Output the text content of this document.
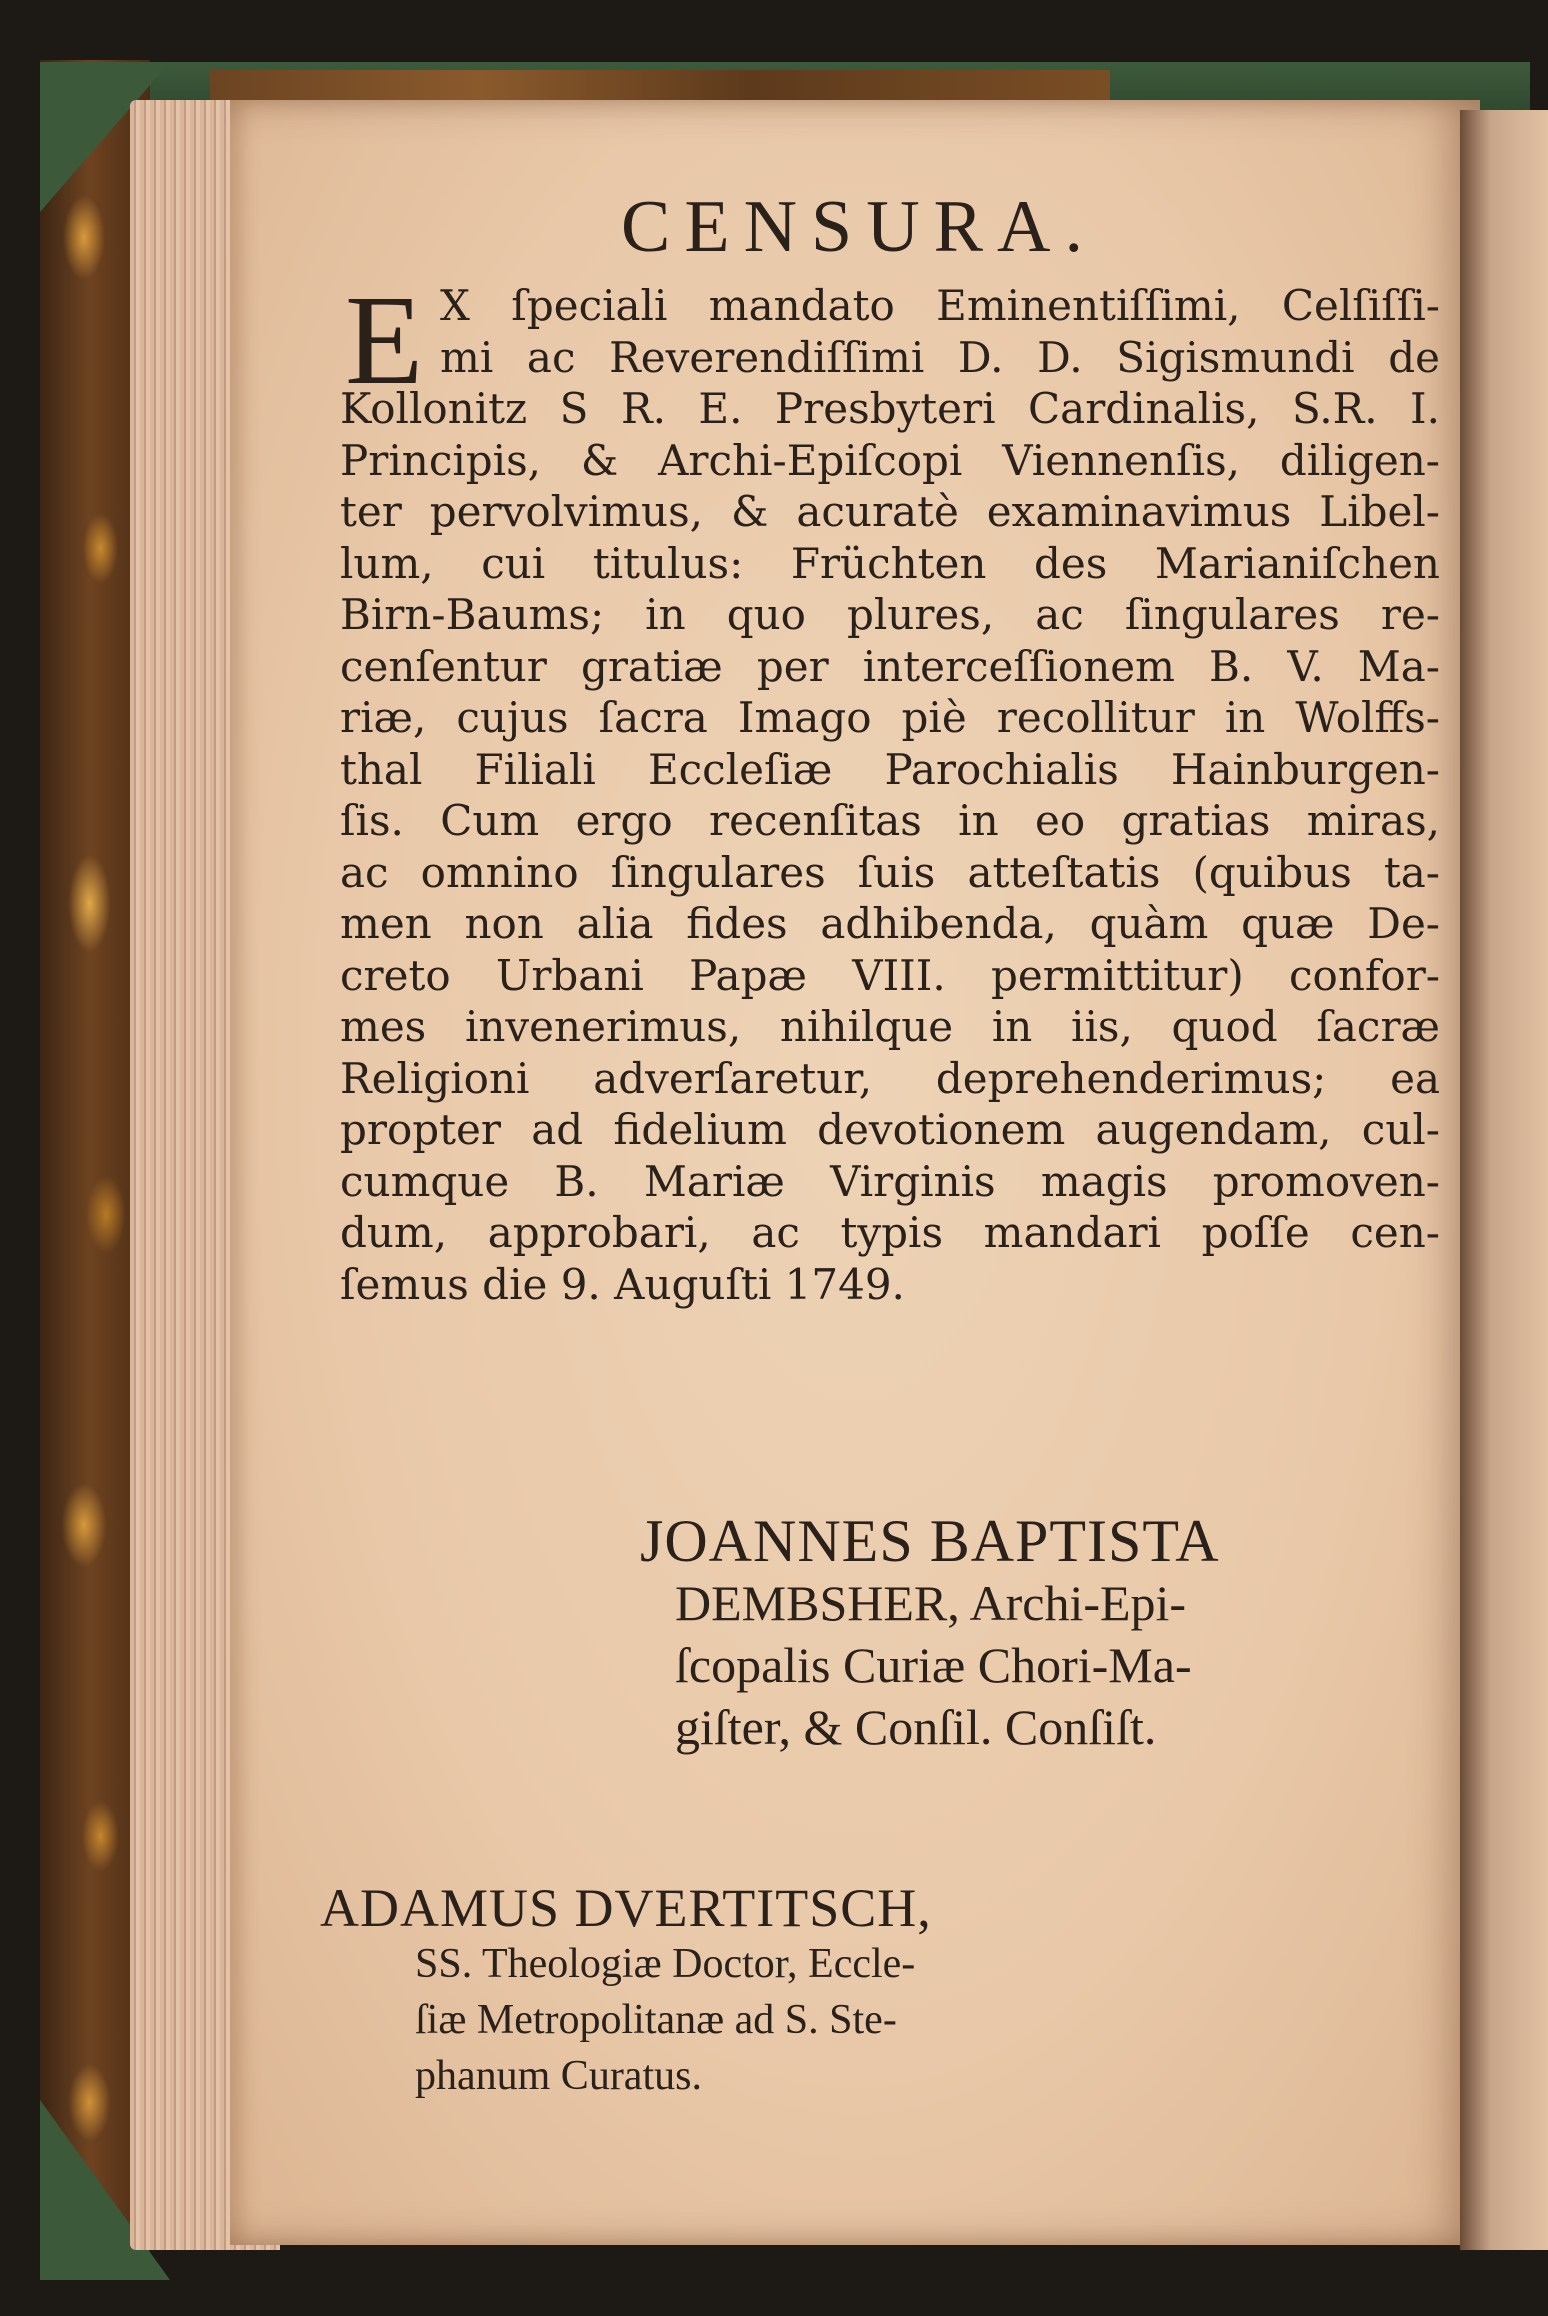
CENSURA.
E X ſpeciali mandato Eminentiſſimi, Celſiſſi-
mi ac Reverendiſſimi D. D. Sigismundi de
Kollonitz S R. E. Presbyteri Cardinalis, S.R. I.
Principis, & Archi-Epiſcopi Viennenſis, diligen-
ter pervolvimus, & acuratè examinavimus Libel-
lum, cui titulus: Früchten des Marianiſchen
Birn-Baums; in quo plures, ac ſingulares re-
cenſentur gratiæ per interceſſionem B. V. Ma-
riæ, cujus ſacra Imago piè recollitur in Wolffs-
thal Filiali Eccleſiæ Parochialis Hainburgen-
ſis. Cum ergo recenſitas in eo gratias miras,
ac omnino ſingulares ſuis atteſtatis (quibus ta-
men non alia fides adhibenda, quàm quæ De-
creto Urbani Papæ VIII. permittitur) confor-
mes invenerimus, nihilque in iis, quod ſacræ
Religioni adverſaretur, deprehenderimus; ea
propter ad fidelium devotionem augendam, cul-
cumque B. Mariæ Virginis magis promoven-
dum, approbari, ac typis mandari poſſe cen-
ſemus die 9. Auguſti 1749.
JOANNES BAPTISTA
DEMBSHER, Archi-Epi-
ſcopalis Curiæ Chori-Ma-
giſter, & Conſil. Conſiſt.
ADAMUS DVERTITSCH,
SS. Theologiæ Doctor, Eccle-
ſiæ Metropolitanæ ad S. Ste-
phanum Curatus.
